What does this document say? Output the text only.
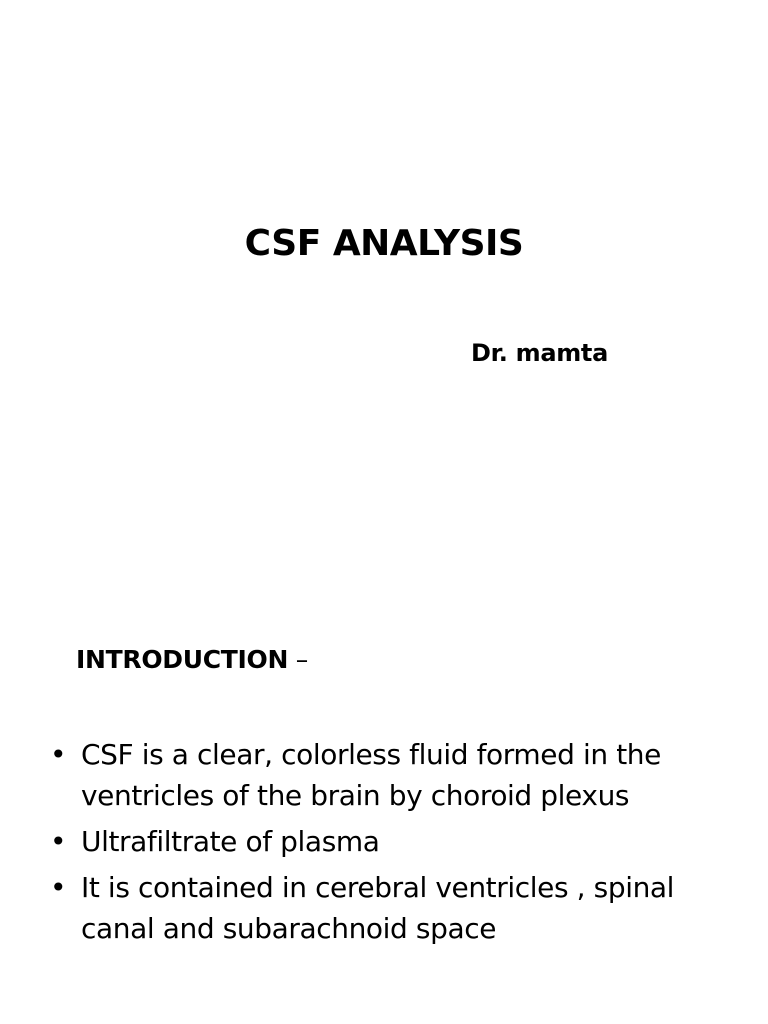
CSF ANALYSIS
Dr. mamta
INTRODUCTION –
• CSF is a clear, colorless fluid formed in the ventricles of the brain by choroid plexus
• Ultrafiltrate of plasma
• It is contained in cerebral ventricles , spinal canal and subarachnoid space
